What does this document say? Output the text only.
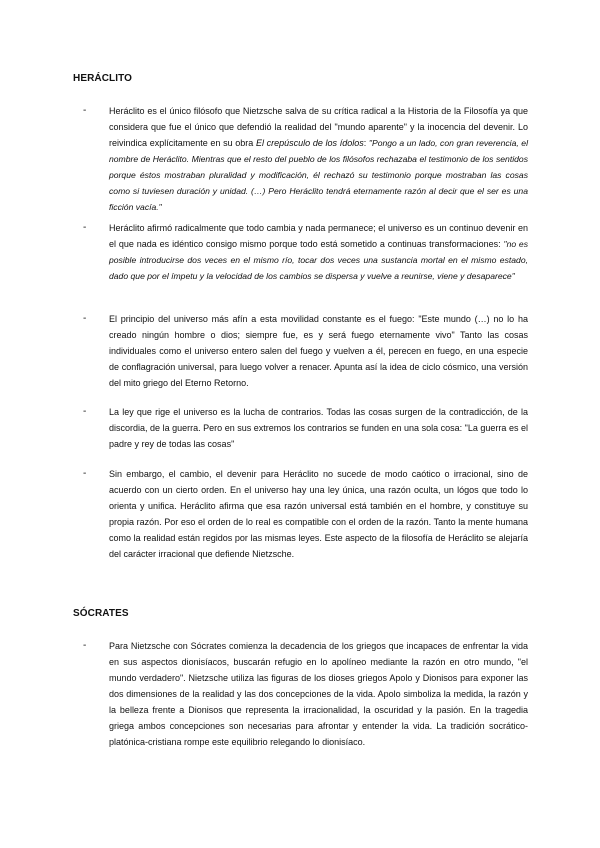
HERÁCLITO
-	Heráclito es el único filósofo que Nietzsche salva de su crítica radical a la Historia de la Filosofía ya que considera que fue el único que defendió la realidad del "mundo aparente" y la inocencia del devenir. Lo reivindica explícitamente en su obra El crepúsculo de los ídolos: "Pongo a un lado, con gran reverencia, el nombre de Heráclito. Mientras que el resto del pueblo de los filósofos rechazaba el testimonio de los sentidos porque éstos mostraban pluralidad y modificación, él rechazó su testimonio porque mostraban las cosas como si tuviesen duración y unidad. (…) Pero Heráclito tendrá eternamente razón al decir que el ser es una ficción vacía."
-	Heráclito afirmó radicalmente que todo cambia y nada permanece; el universo es un continuo devenir en el que nada es idéntico consigo mismo porque todo está sometido a continuas transformaciones: "no es posible introducirse dos veces en el mismo río, tocar dos veces una sustancia mortal en el mismo estado, dado que por el ímpetu y la velocidad de los cambios se dispersa y vuelve a reunirse, viene y desaparece"
-	El principio del universo más afín a esta movilidad constante es el fuego: "Este mundo (…) no lo ha creado ningún hombre o dios; siempre fue, es y será fuego eternamente vivo" Tanto las cosas individuales como el universo entero salen del fuego y vuelven a él, perecen en fuego, en una especie de conflagración universal, para luego volver a renacer. Apunta así la idea de ciclo cósmico, una versión del mito griego del Eterno Retorno.
-	La ley que rige el universo es la lucha de contrarios. Todas las cosas surgen de la contradicción, de la discordia, de la guerra. Pero en sus extremos los contrarios se funden en una sola cosa: "La guerra es el padre y rey de todas las cosas"
-	Sin embargo, el cambio, el devenir para Heráclito no sucede de modo caótico o irracional, sino de acuerdo con un cierto orden. En el universo hay una ley única, una razón oculta, un lógos que todo lo orienta y unifica. Heráclito afirma que esa razón universal está también en el hombre, y constituye su propia razón. Por eso el orden de lo real es compatible con el orden de la razón. Tanto la mente humana como la realidad están regidos por las mismas leyes. Este aspecto de la filosofía de Heráclito se alejaría del carácter irracional que defiende Nietzsche.
SÓCRATES
-	Para Nietzsche con Sócrates comienza la decadencia de los griegos que incapaces de enfrentar la vida en sus aspectos dionisíacos, buscarán refugio en lo apolíneo mediante la razón en otro mundo, "el mundo verdadero". Nietzsche utiliza las figuras de los dioses griegos Apolo y Dionisos para exponer las dos dimensiones de la realidad y las dos concepciones de la vida. Apolo simboliza la medida, la razón y la belleza frente a Dionisos que representa la irracionalidad, la oscuridad y la pasión. En la tragedia griega ambos concepciones son necesarias para afrontar y entender la vida. La tradición socrático-platónica-cristiana rompe este equilibrio relegando lo dionisíaco.
